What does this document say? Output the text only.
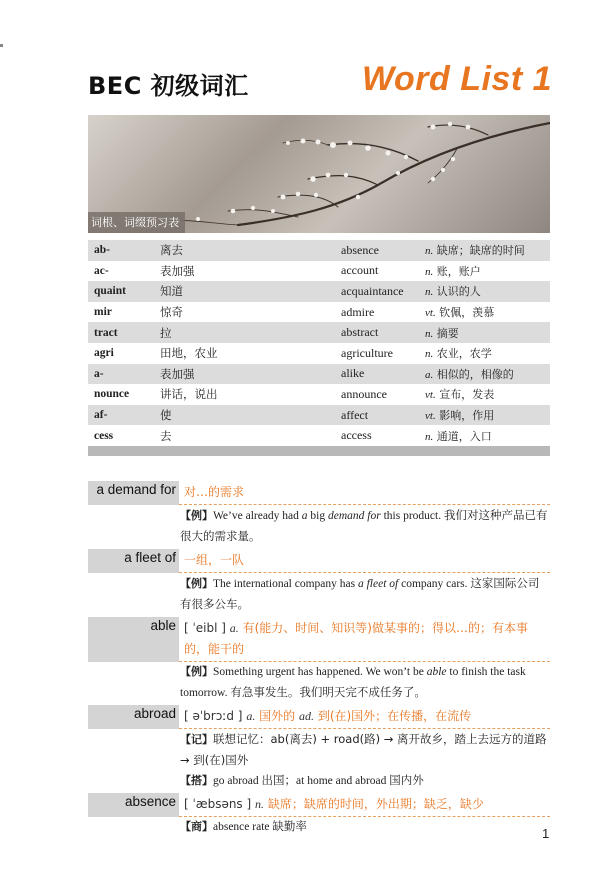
BEC 初级词汇	Word List 1
词根、词缀预习表
ab-	离去	absence	n. 缺席；缺席的时间
ac-	表加强	account	n. 账，账户
quaint	知道	acquaintance	n. 认识的人
mir	惊奇	admire	vt. 钦佩，羡慕
tract	拉	abstract	n. 摘要
agri	田地，农业	agriculture	n. 农业，农学
a-	表加强	alike	a. 相似的，相像的
nounce	讲话，说出	announce	vt. 宣布，发表
af-	使	affect	vt. 影响，作用
cess	去	access	n. 通道，入口
a demand for 对…的需求
【例】We’ve already had a big demand for this product. 我们对这种产品已有很大的需求量。
a fleet of 一组，一队
【例】The international company has a fleet of company cars. 这家国际公司有很多公车。
able [ ˈeibl ] a. 有(能力、时间、知识等)做某事的；得以…的；有本事的，能干的
【例】Something urgent has happened. We won’t be able to finish the task tomorrow. 有急事发生。我们明天完不成任务了。
abroad [ əˈbrɔːd ] a. 国外的 ad. 到(在)国外；在传播，在流传
【记】联想记忆：ab(离去) + road(路) → 离开故乡，踏上去远方的道路 → 到(在)国外
【搭】go abroad 出国；at home and abroad 国内外
absence [ ˈæbsəns ] n. 缺席；缺席的时间，外出期；缺乏，缺少
【商】absence rate 缺勤率	1
